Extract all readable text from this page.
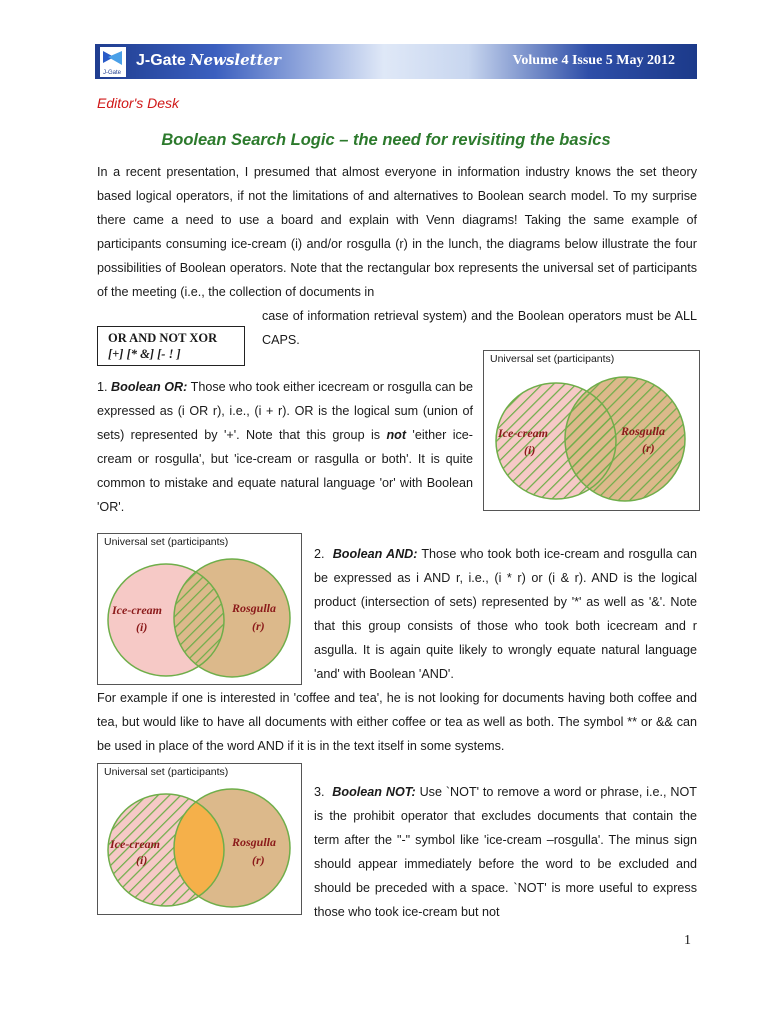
J-Gate
J-Gate Newsletter	Volume 4 Issue 5 May 2012
Editor's Desk
Boolean Search Logic – the need for revisiting the basics
In a recent presentation, I presumed that almost everyone in information industry knows the set theory based logical operators, if not the limitations of and alternatives to Boolean search model. To my surprise there came a need to use a board and explain with Venn diagrams! Taking the same example of participants consuming ice-cream (i) and/or rosgulla (r) in the lunch, the diagrams below illustrate the four possibilities of Boolean operators. Note that the rectangular box represents the universal set of participants of the meeting (i.e., the collection of documents in
case of information retrieval system) and the Boolean operators must be ALL CAPS.
OR AND NOT XOR
[+] [* &] [- ! ]
1. Boolean OR: Those who took either icecream or rosgulla can be expressed as (i OR r), i.e., (i + r). OR is the logical sum (union of sets) represented by '+'. Note that this group is not 'either ice-cream or rosgulla', but 'ice-cream or rasgulla or both'. It is quite common to mistake and equate natural language 'or' with Boolean 'OR'.
Ice-cream
(i)
Rosgulla
(r)
Universal set (participants)
Ice-cream
(i)
Rosgulla
(r)
Universal set (participants)
2. Boolean AND: Those who took both ice-cream and rosgulla can be expressed as i AND r, i.e., (i * r) or (i & r). AND is the logical product (intersection of sets) represented by '*' as well as '&'. Note that this group consists of those who took both icecream and r asgulla. It is again quite likely to wrongly equate natural language 'and' with Boolean 'AND'.
For example if one is interested in 'coffee and tea', he is not looking for documents having both coffee and tea, but would like to have all documents with either coffee or tea as well as both. The symbol ** or && can be used in place of the word AND if it is in the text itself in some systems.
Ice-cream
(i)
Rosgulla
(r)
Universal set (participants)
3. Boolean NOT: Use `NOT' to remove a word or phrase, i.e., NOT is the prohibit operator that excludes documents that contain the term after the "-" symbol like 'ice-cream –rosgulla'. The minus sign should appear immediately before the word to be excluded and should be preceded with a space. `NOT' is more useful to express those who took ice-cream but not
1
